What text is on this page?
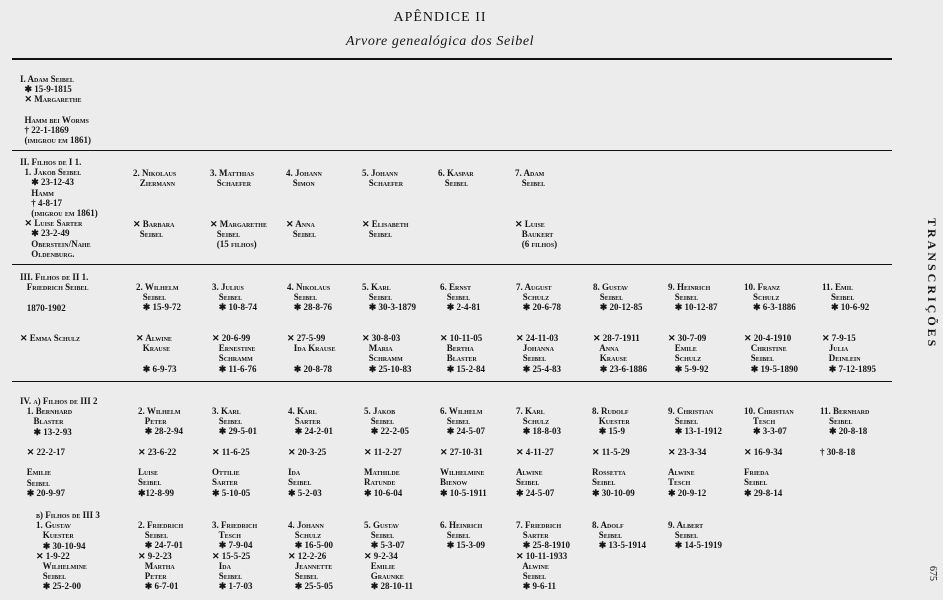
APÊNDICE II
Arvore genealógica dos Seibel
I. Adam Seibel
✱ 15-9-1815
✕ Margarethe

Hamm bei Worms
† 22-1-1869
(imigrou em 1861)
II. Filhos de I 1.
1. Jakob Seibel
✱ 23-12-43
Hamm
† 4-8-17
(imigrou em 1861)
✕ Luise Sarter
✱ 23-2-49
Oberstein/Nahe
Oldenburg.
2. Nikolaus
Ziermann

✕ Barbara
Seibel
3. Matthias
Schaefer

✕ Margarethe
Seibel
(15 filhos)
4. Johann
Simon

✕ Anna
Seibel
5. Johann
Schaefer

✕ Elisabeth
Seibel
6. Kaspar
Seibel
7. Adam
Seibel

✕ Luise
Baukert
(6 filhos)
III. Filhos de II 1.
Friedrich Seibel

1870-1902

✕ Emma Schulz
2. Wilhelm
Seibel
✱ 15-9-72

✕ Alwine
Krause

✱ 6-9-73
3. Julius
Seibel
✱ 10-8-74

✕ 20-6-99
Ernestine
Schramm
✱ 11-6-76
4. Nikolaus
Seibel
✱ 28-8-76

✕ 27-5-99
Ida Krause

✱ 20-8-78
5. Karl
Seibel
✱ 30-3-1879

✕ 30-8-03
Maria
Schramm
✱ 25-10-83
6. Ernst
Seibel
✱ 2-4-81

✕ 10-11-05
Bertha
Blaster
✱ 15-2-84
7. August
Schulz
✱ 20-6-78

✕ 24-11-03
Johanna
Seibel
✱ 25-4-83
8. Gustav
Seibel
✱ 20-12-85

✕ 28-7-1911
Anna
Krause
✱ 23-6-1886
9. Heinrich
Seibel
✱ 10-12-87

✕ 30-7-09
Emile
Schulz
✱ 5-9-92
10. Franz
Schulz
✱ 6-3-1886

✕ 20-4-1910
Christine
Seibel
✱ 19-5-1890
11. Emil
Seibel
✱ 10-6-92

✕ 7-9-15
Julia
Deinlein
✱ 7-12-1895
IV. a) Filhos de III 2
1. Bernhard
Blaster
✱ 13-2-93

✕ 22-2-17

Emilie
Seibel
✱ 20-9-97
2. Wilhelm
Peter
✱ 28-2-94

✕ 23-6-22

Luise
Seibel
✱12-8-99
3. Karl
Seibel
✱ 29-5-01

✕ 11-6-25

Ottilie
Sarter
✱ 5-10-05
4. Karl
Sarter
✱ 24-2-01

✕ 20-3-25

Ida
Seibel
✱ 5-2-03
5. Jakob
Seibel
✱ 22-2-05

✕ 11-2-27

Mathilde
Ratunde
✱ 10-6-04
6. Wilhelm
Seibel
✱ 24-5-07

✕ 27-10-31

Wilhelmine
Bienow
✱ 10-5-1911
7. Karl
Schulz
✱ 18-8-03

✕ 4-11-27

Alwine
Seibel
✱ 24-5-07
8. Rudolf
Kuester
✱ 15-9

✕ 11-5-29

Rossetta
Seibel
✱ 30-10-09
9. Christian
Seibel
✱ 13-1-1912

✕ 23-3-34

Alwine
Tesch
✱ 20-9-12
10. Christian
Tesch
✱ 3-3-07

✕ 16-9-34

Frieda
Seibel
✱ 29-8-14
11. Bernhard
Seibel
✱ 20-8-18

† 30-8-18
b) Filhos de III 3
1. Gustav
Kuester
✱ 30-10-94
✕ 1-9-22
Wilhelmine
Seibel
✱ 25-2-00
2. Friedrich
Seibel
✱ 24-7-01
✕ 9-2-23
Martha
Peter
✱ 6-7-01
3. Friedrich
Tesch
✱ 7-9-04
✕ 15-5-25
Ida
Seibel
✱ 1-7-03
4. Johann
Schulz
✱ 16-5-00
✕ 12-2-26
Jeannette
Seibel
✱ 25-5-05
5. Gustav
Seibel
✱ 5-3-07
✕ 9-2-34
Emilie
Graunke
✱ 28-10-11
6. Heinrich
Seibel
✱ 15-3-09
7. Friedrich
Sarter
✱ 25-8-1910
✕ 10-11-1933
Alwine
Seibel
✱ 9-6-11
8. Adolf
Seibel
✱ 13-5-1914
9. Albert
Seibel
✱ 14-5-1919
TRANSCRIÇÕES
675
